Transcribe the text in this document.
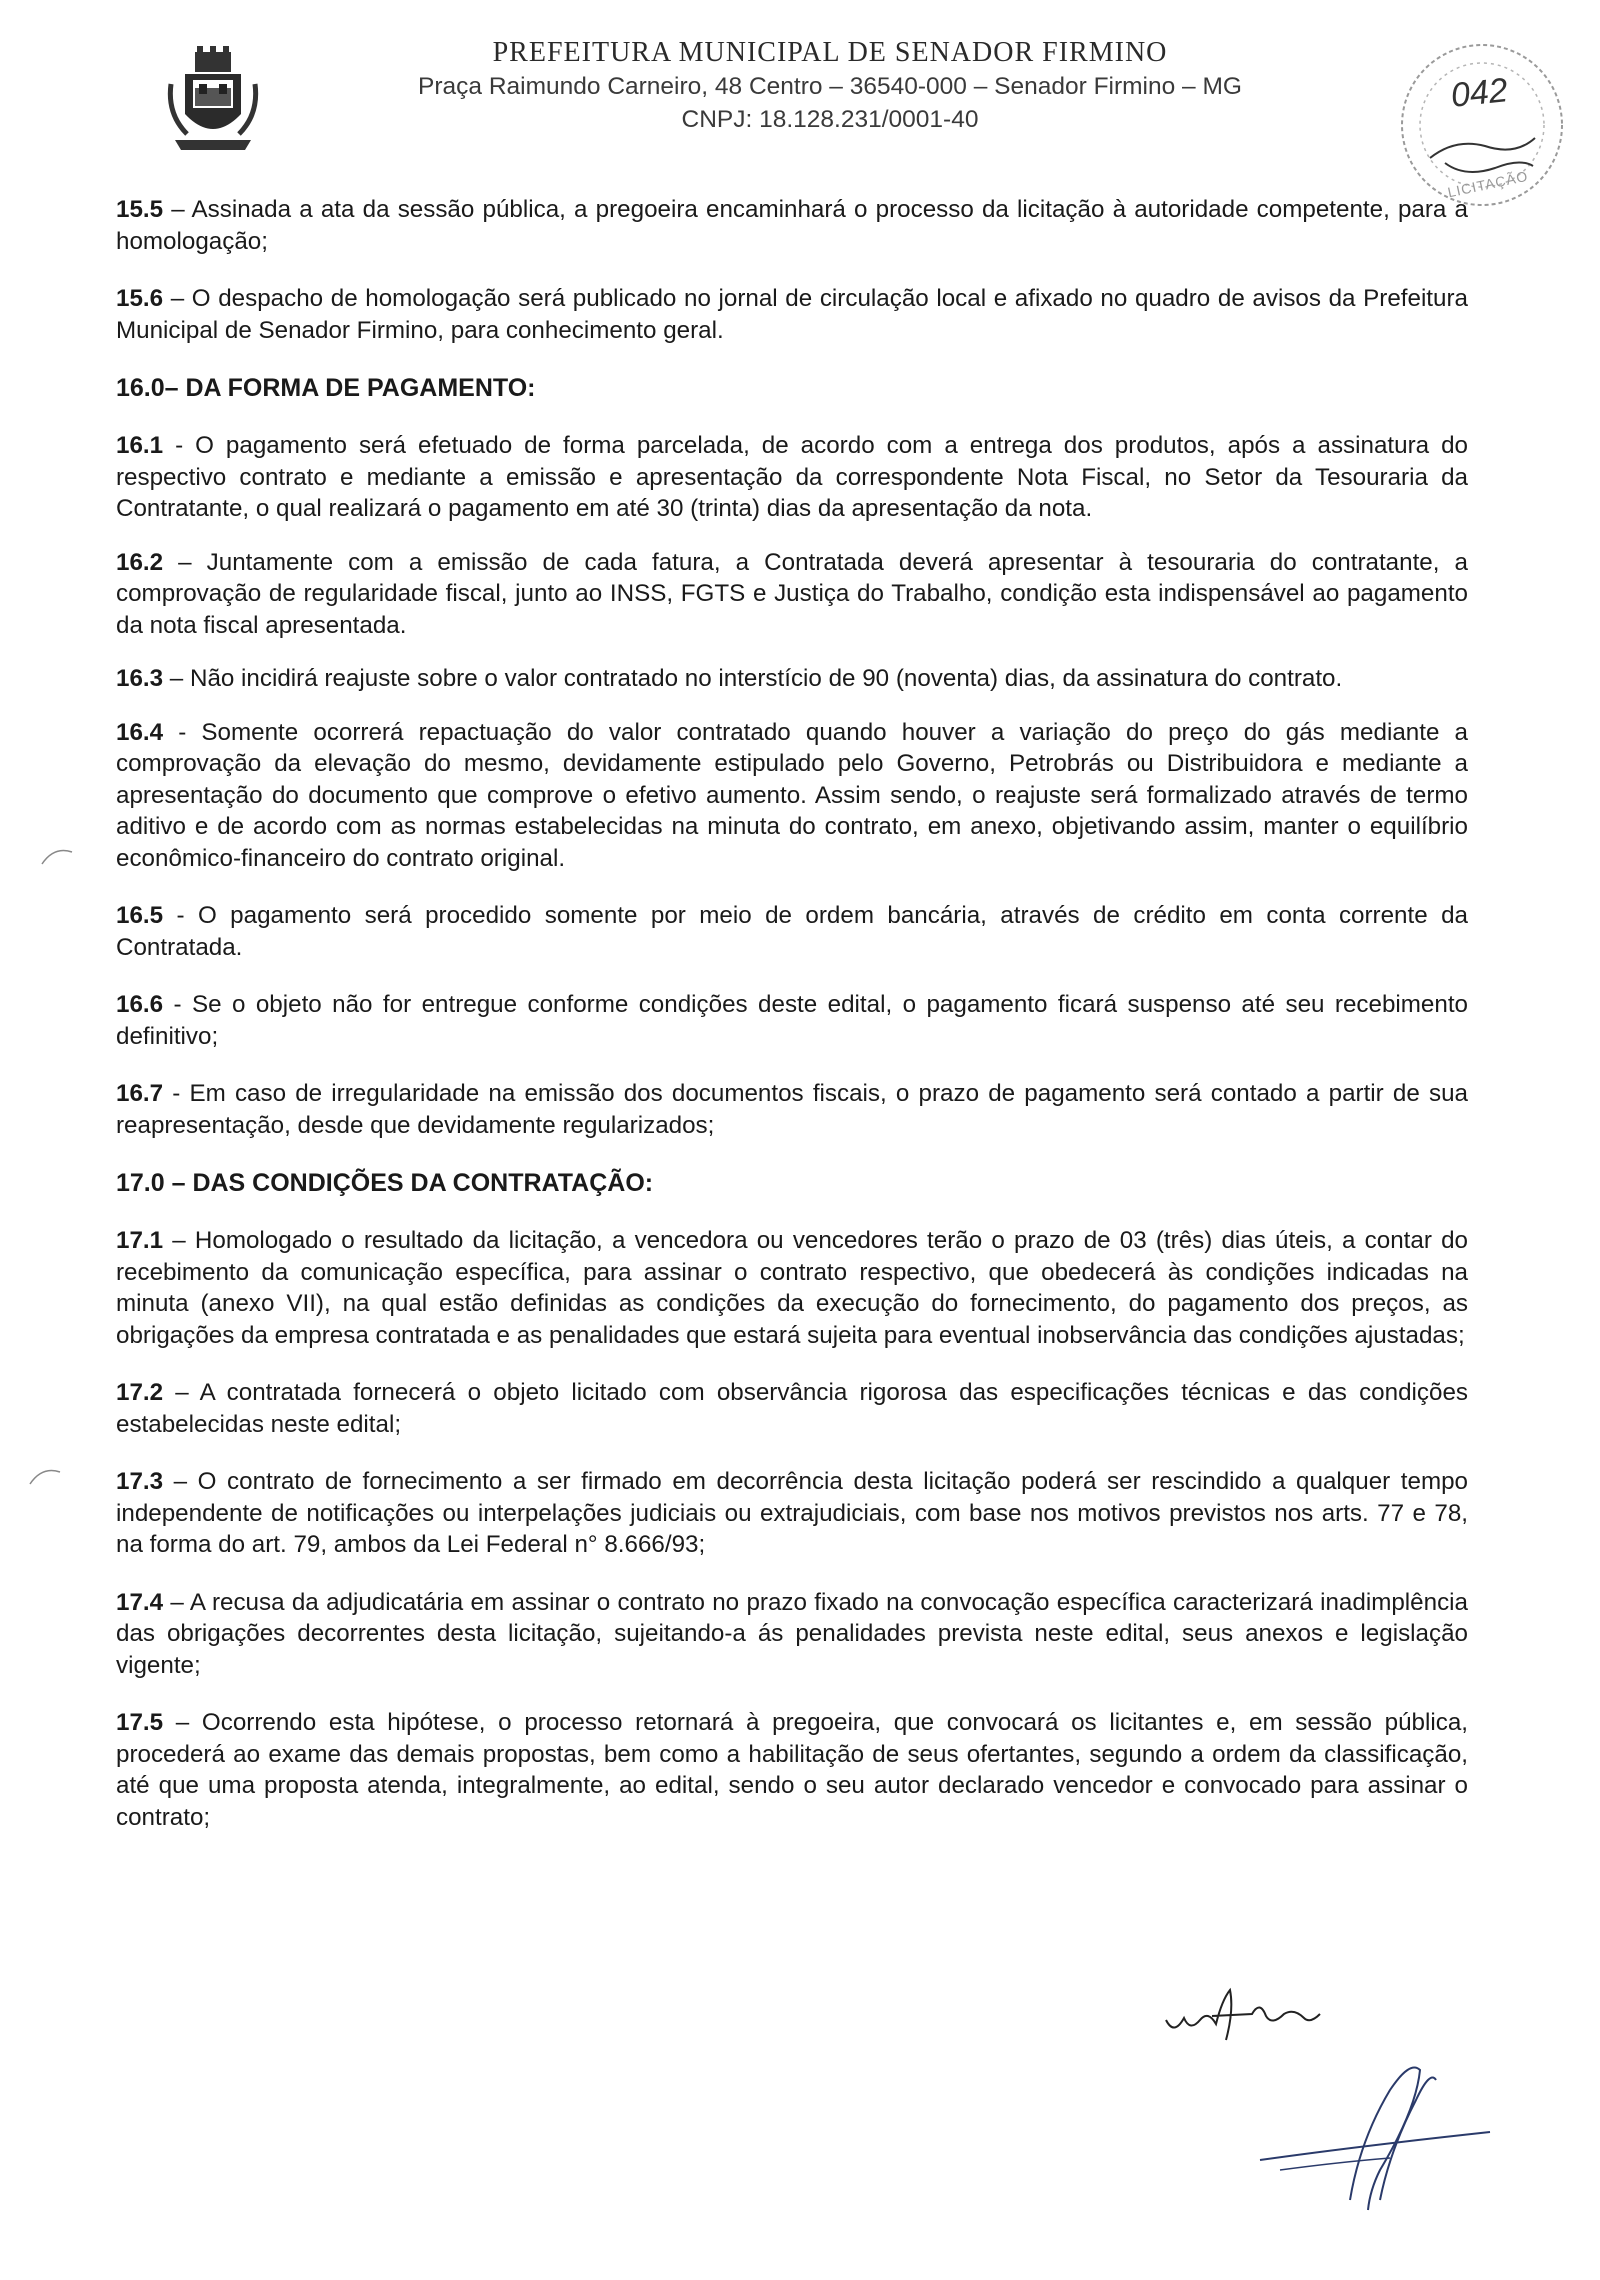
PREFEITURA MUNICIPAL DE SENADOR FIRMINO
Praça Raimundo Carneiro, 48 Centro – 36540-000 – Senador Firmino – MG
CNPJ: 18.128.231/0001-40
042
LICITAÇÃO

15.5 – Assinada a ata da sessão pública, a pregoeira encaminhará o processo da licitação à autoridade competente, para a homologação;

15.6 – O despacho de homologação será publicado no jornal de circulação local e afixado no quadro de avisos da Prefeitura Municipal de Senador Firmino, para conhecimento geral.

16.0– DA FORMA DE PAGAMENTO:

16.1 - O pagamento será efetuado de forma parcelada, de acordo com a entrega dos produtos, após a assinatura do respectivo contrato e mediante a emissão e apresentação da correspondente Nota Fiscal, no Setor da Tesouraria da Contratante, o qual realizará o pagamento em até 30 (trinta) dias da apresentação da nota.

16.2 – Juntamente com a emissão de cada fatura, a Contratada deverá apresentar à tesouraria do contratante, a comprovação de regularidade fiscal, junto ao INSS, FGTS e Justiça do Trabalho, condição esta indispensável ao pagamento da nota fiscal apresentada.

16.3 – Não incidirá reajuste sobre o valor contratado no interstício de 90 (noventa) dias, da assinatura do contrato.

16.4 - Somente ocorrerá repactuação do valor contratado quando houver a variação do preço do gás mediante a comprovação da elevação do mesmo, devidamente estipulado pelo Governo, Petrobrás ou Distribuidora e mediante a apresentação do documento que comprove o efetivo aumento. Assim sendo, o reajuste será formalizado através de termo aditivo e de acordo com as normas estabelecidas na minuta do contrato, em anexo, objetivando assim, manter o equilíbrio econômico-financeiro do contrato original.

16.5 - O pagamento será procedido somente por meio de ordem bancária, através de crédito em conta corrente da Contratada.

16.6 - Se o objeto não for entregue conforme condições deste edital, o pagamento ficará suspenso até seu recebimento definitivo;

16.7 - Em caso de irregularidade na emissão dos documentos fiscais, o prazo de pagamento será contado a partir de sua reapresentação, desde que devidamente regularizados;

17.0 – DAS CONDIÇÕES DA CONTRATAÇÃO:

17.1 – Homologado o resultado da licitação, a vencedora ou vencedores terão o prazo de 03 (três) dias úteis, a contar do recebimento da comunicação específica, para assinar o contrato respectivo, que obedecerá às condições indicadas na minuta (anexo VII), na qual estão definidas as condições da execução do fornecimento, do pagamento dos preços, as obrigações da empresa contratada e as penalidades que estará sujeita para eventual inobservância das condições ajustadas;

17.2 – A contratada fornecerá o objeto licitado com observância rigorosa das especificações técnicas e das condições estabelecidas neste edital;

17.3 – O contrato de fornecimento a ser firmado em decorrência desta licitação poderá ser rescindido a qualquer tempo independente de notificações ou interpelações judiciais ou extrajudiciais, com base nos motivos previstos nos arts. 77 e 78, na forma do art. 79, ambos da Lei Federal n° 8.666/93;

17.4 – A recusa da adjudicatária em assinar o contrato no prazo fixado na convocação específica caracterizará inadimplência das obrigações decorrentes desta licitação, sujeitando-a ás penalidades prevista neste edital, seus anexos e legislação vigente;

17.5 – Ocorrendo esta hipótese, o processo retornará à pregoeira, que convocará os licitantes e, em sessão pública, procederá ao exame das demais propostas, bem como a habilitação de seus ofertantes, segundo a ordem da classificação, até que uma proposta atenda, integralmente, ao edital, sendo o seu autor declarado vencedor e convocado para assinar o contrato;
